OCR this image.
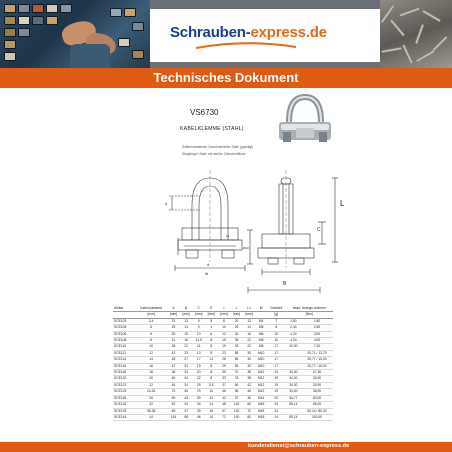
Schrauben-express.de
Technisches Dokument
VS6730
KABELKLEMME (STAHL)
Seilkennmaterial: Geschmiedeter Stahl (geprägt)
Steigbügel: Stahl mit weißer Zinkoberfläche
L
C
B
L1
A
d
W
Ø13
Artikel	Kabel passend	A	B	C	E	I	L	L1	M	Gewicht	empf. Anzugs-moment	
	[mm]	[mm]	[mm]	[mm]	[mm]	[mm]	[mm]	[mm]		[g]	[Nm]	
SCE103	3-4	21	13	9	5	8	20	12	M4	7	1,50	1,80
SCE105	5	25	14	9	1	10	25	14	M5	8	2,44	2,50
SCE106	6	30	15	10	6	12	30	16	M6	10	4,24	3,90
SCE108	8	31	16	14,5	8	15	35	22	M8	10	4,24	4,50
SCE110	10	38	22	11	8	19	43	22	M8	17	10,30	7,30
SCE112	12	43	23	13	8	23	55	30	M10	17		20,71 / 12,70
SCE114	14	48	27	17	11	26	55	30	M10	17		25,77 / 15,00
SCE116	16	42	31	19	8	29	55	32	M10	17		25,77 / 16,00
SCE118	18	38	33	20	8	39	70	38	M12	19	34,30	27,30
SCE120	20	60	34	22	8	33	78	38	M12	19	34,30	33,90
SCE122	22	64	34	25	9,5	37	80	42	M12	19	34,30	33,90
SCE123	24-26	70	46	29	10	46	96	46	M12	19	34,40	38,90
SCE126	26	69	43	30	12	42	97	36	M14	20	54,77	50,00
SCE132	32	52	43	34	14	48	115	60	M16	24	55,14	65,00
SCE133	38-38	65	37	39	16	57	130	70	M18	24		60,14 / 80,00
SCE144	44	115	58	46	16	72	150	80	M18	24	55,14	100,00
kundendienst@schrauben-express.de
